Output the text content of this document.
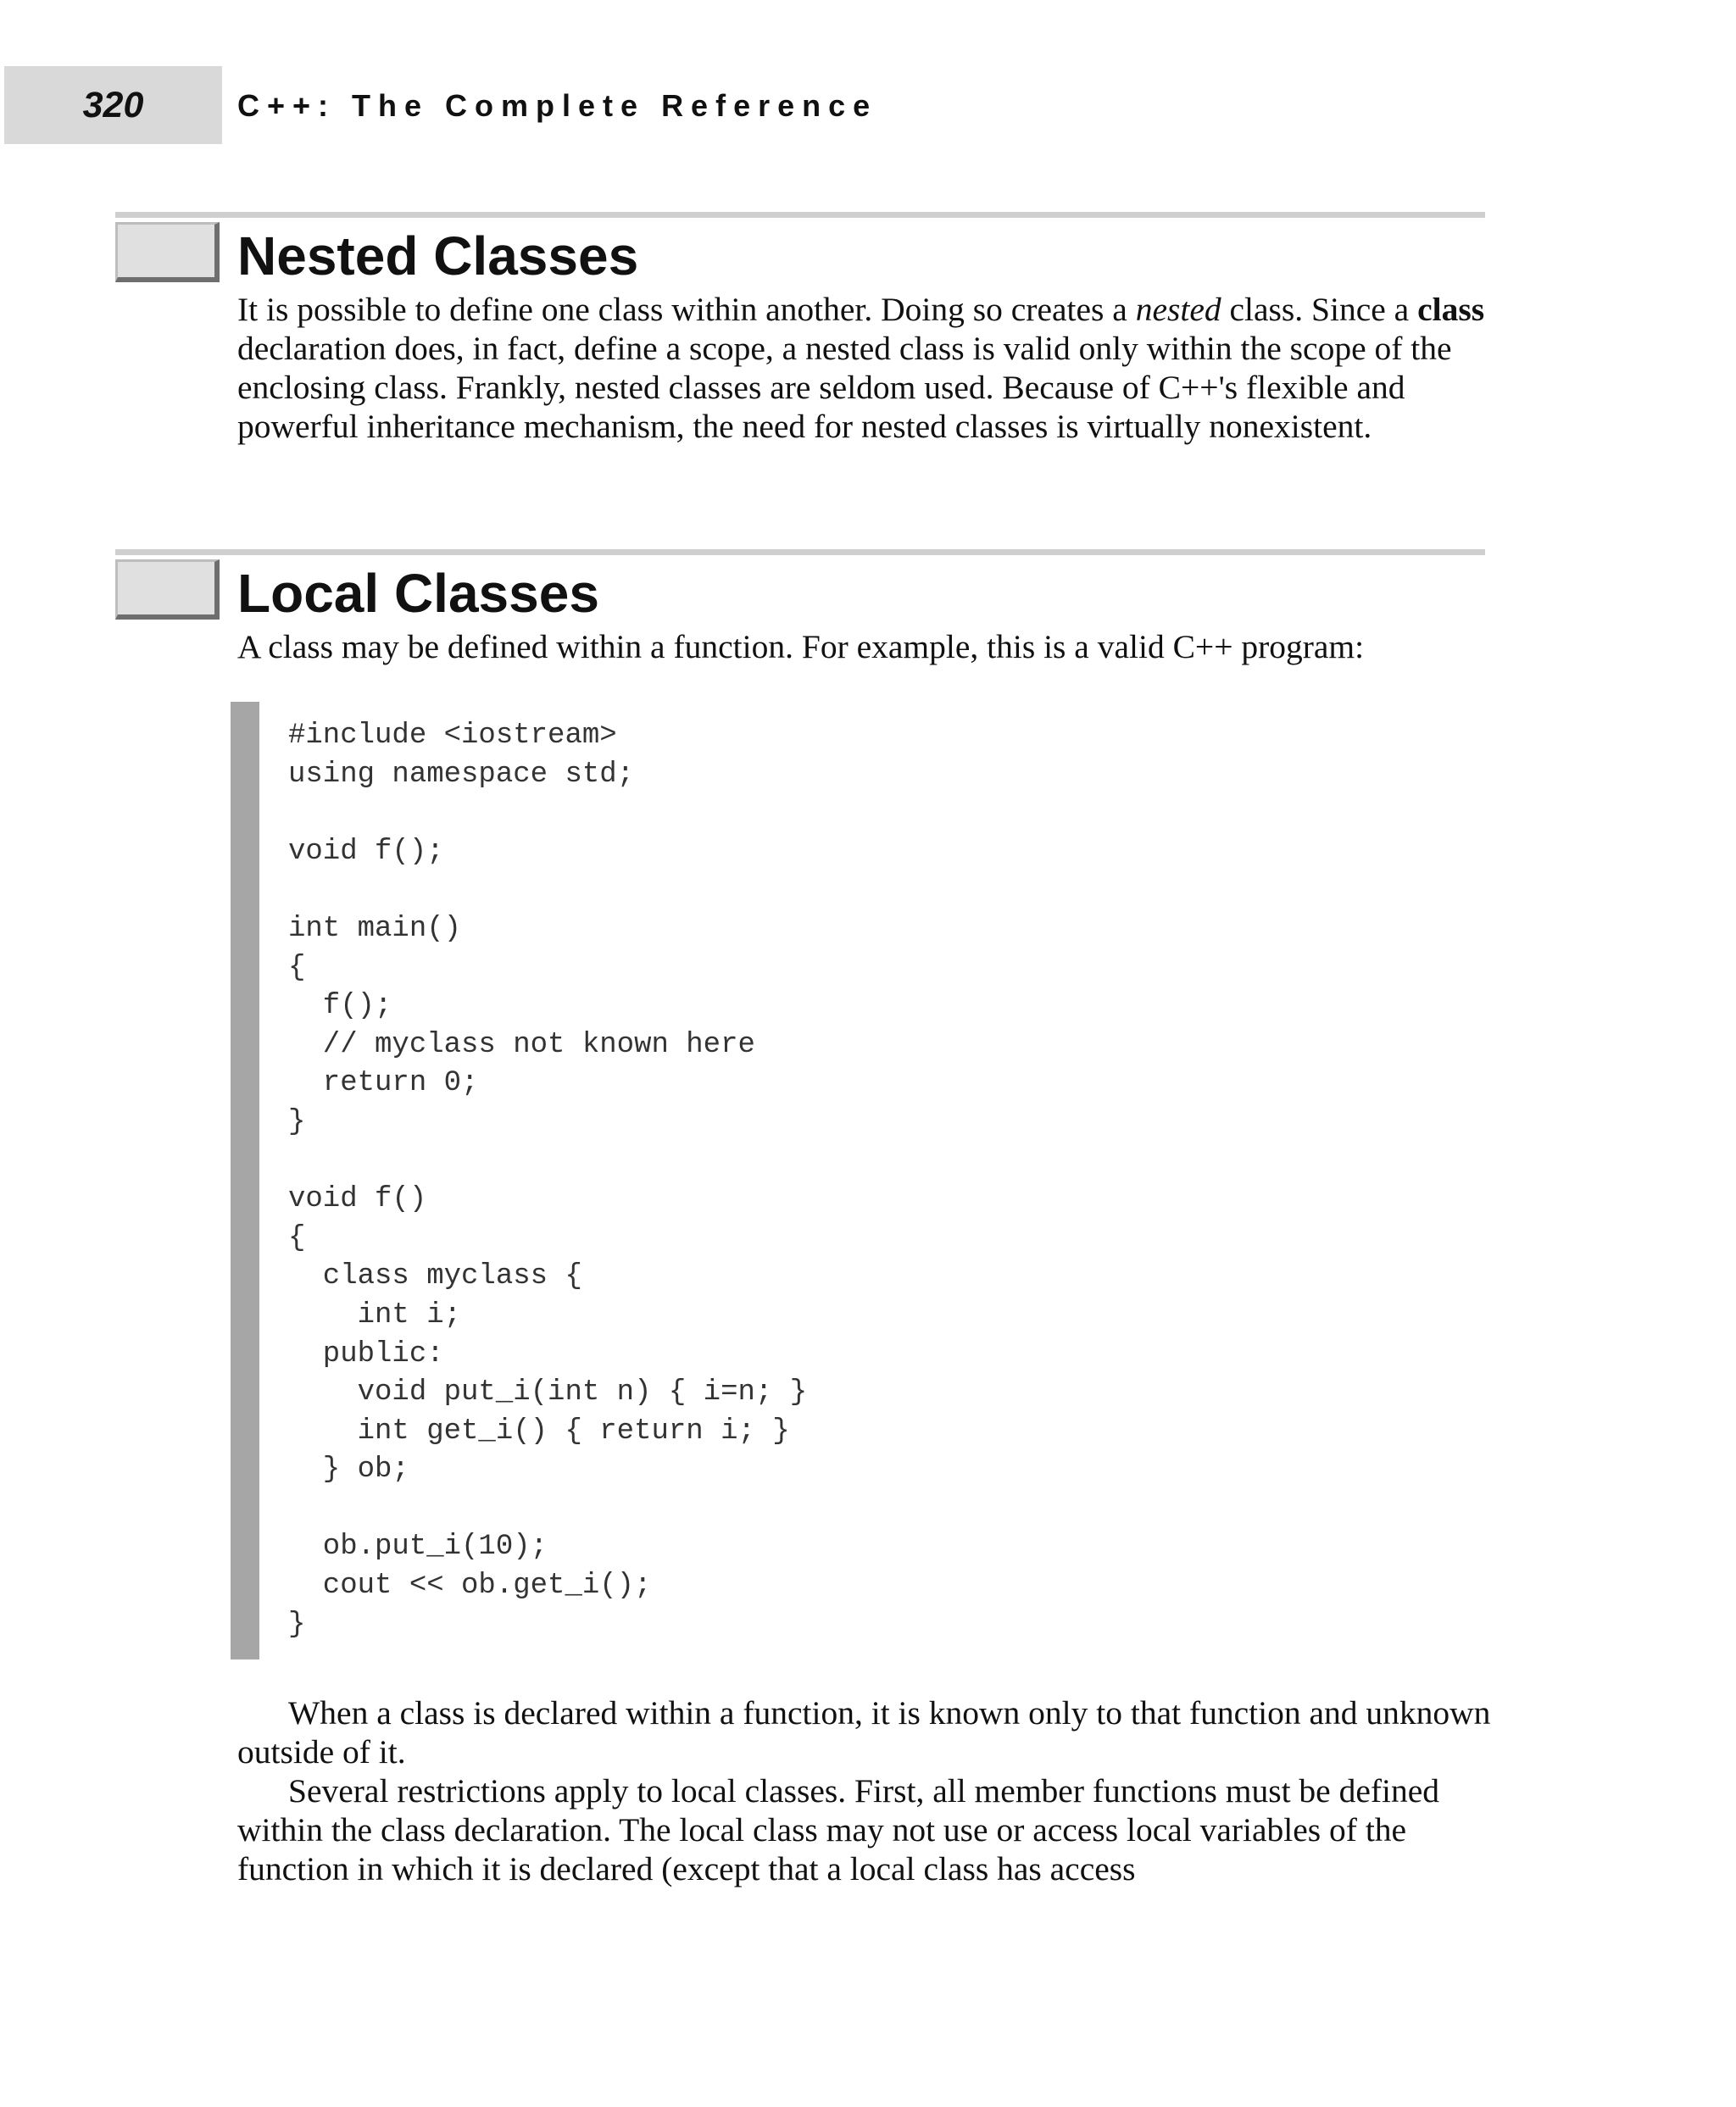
320	C++: The Complete Reference
Nested Classes

It is possible to define one class within another. Doing so creates a nested class. Since a class declaration does, in fact, define a scope, a nested class is valid only within the scope of the enclosing class. Frankly, nested classes are seldom used. Because of C++'s flexible and powerful inheritance mechanism, the need for nested classes is virtually nonexistent.

Local Classes

A class may be defined within a function. For example, this is a valid C++ program:

#include <iostream>
using namespace std;

void f();

int main()
{
f();
// myclass not known here
return 0;
}

void f()
{
class myclass {
int i;
public:
void put_i(int n) { i=n; }
int get_i() { return i; }
} ob;

ob.put_i(10);
cout << ob.get_i();
}

When a class is declared within a function, it is known only to that function and unknown outside of it.

Several restrictions apply to local classes. First, all member functions must be defined within the class declaration. The local class may not use or access local variables of the function in which it is declared (except that a local class has access
